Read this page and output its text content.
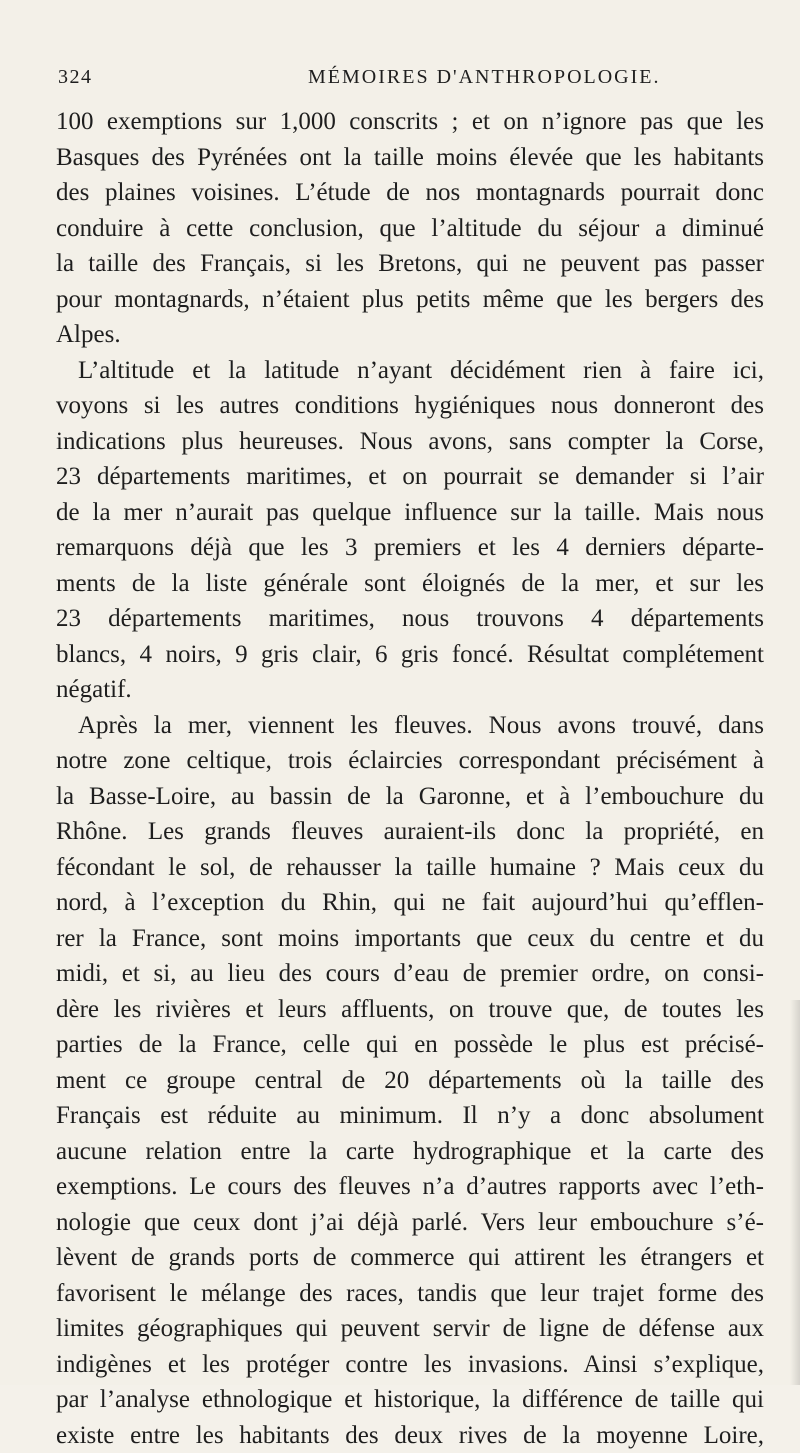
324	MÉMOIRES D'ANTHROPOLOGIE.
100 exemptions sur 1,000 conscrits ; et on n’ignore pas que les
Basques des Pyrénées ont la taille moins élevée que les habitants
des plaines voisines. L’étude de nos montagnards pourrait donc
conduire à cette conclusion, que l’altitude du séjour a diminué
la taille des Français, si les Bretons, qui ne peuvent pas passer
pour montagnards, n’étaient plus petits même que les bergers des
Alpes.
L’altitude et la latitude n’ayant décidément rien à faire ici,
voyons si les autres conditions hygiéniques nous donneront des
indications plus heureuses. Nous avons, sans compter la Corse,
23 départements maritimes, et on pourrait se demander si l’air
de la mer n’aurait pas quelque influence sur la taille. Mais nous
remarquons déjà que les 3 premiers et les 4 derniers départe-
ments de la liste générale sont éloignés de la mer, et sur les
23 départements maritimes, nous trouvons 4 départements
blancs, 4 noirs, 9 gris clair, 6 gris foncé. Résultat complétement
négatif.
Après la mer, viennent les fleuves. Nous avons trouvé, dans
notre zone celtique, trois éclaircies correspondant précisément à
la Basse-Loire, au bassin de la Garonne, et à l’embouchure du
Rhône. Les grands fleuves auraient-ils donc la propriété, en
fécondant le sol, de rehausser la taille humaine ? Mais ceux du
nord, à l’exception du Rhin, qui ne fait aujourd’hui qu’efflen-
rer la France, sont moins importants que ceux du centre et du
midi, et si, au lieu des cours d’eau de premier ordre, on consi-
dère les rivières et leurs affluents, on trouve que, de toutes les
parties de la France, celle qui en possède le plus est précisé-
ment ce groupe central de 20 départements où la taille des
Français est réduite au minimum. Il n’y a donc absolument
aucune relation entre la carte hydrographique et la carte des
exemptions. Le cours des fleuves n’a d’autres rapports avec l’eth-
nologie que ceux dont j’ai déjà parlé. Vers leur embouchure s’é-
lèvent de grands ports de commerce qui attirent les étrangers et
favorisent le mélange des races, tandis que leur trajet forme des
limites géographiques qui peuvent servir de ligne de défense aux
indigènes et les protéger contre les invasions. Ainsi s’explique,
par l’analyse ethnologique et historique, la différence de taille qui
existe entre les habitants des deux rives de la moyenne Loire,
